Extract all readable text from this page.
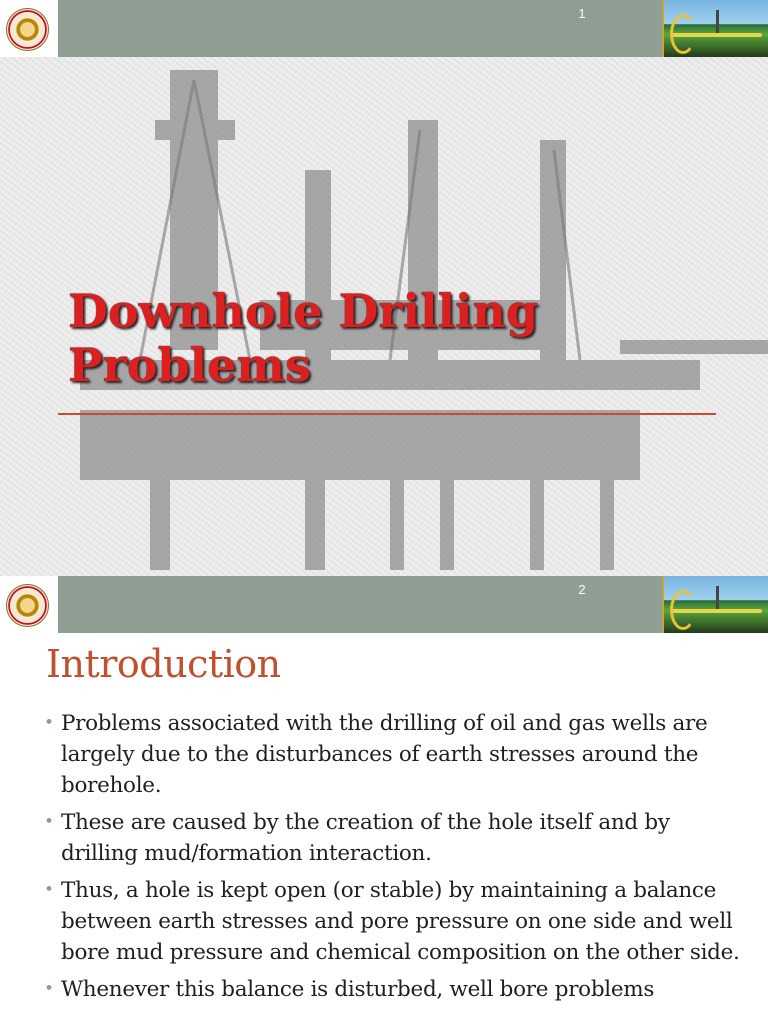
1
Downhole Drilling
Problems
2
Introduction
• Problems associated with the drilling of oil and gas wells are largely due to the disturbances of earth stresses around the borehole.
• These are caused by the creation of the hole itself and by drilling mud/formation interaction.
• Thus, a hole is kept open (or stable) by maintaining a balance between earth stresses and pore pressure on one side and well bore mud pressure and chemical composition on the other side.
• Whenever this balance is disturbed, well bore problems
